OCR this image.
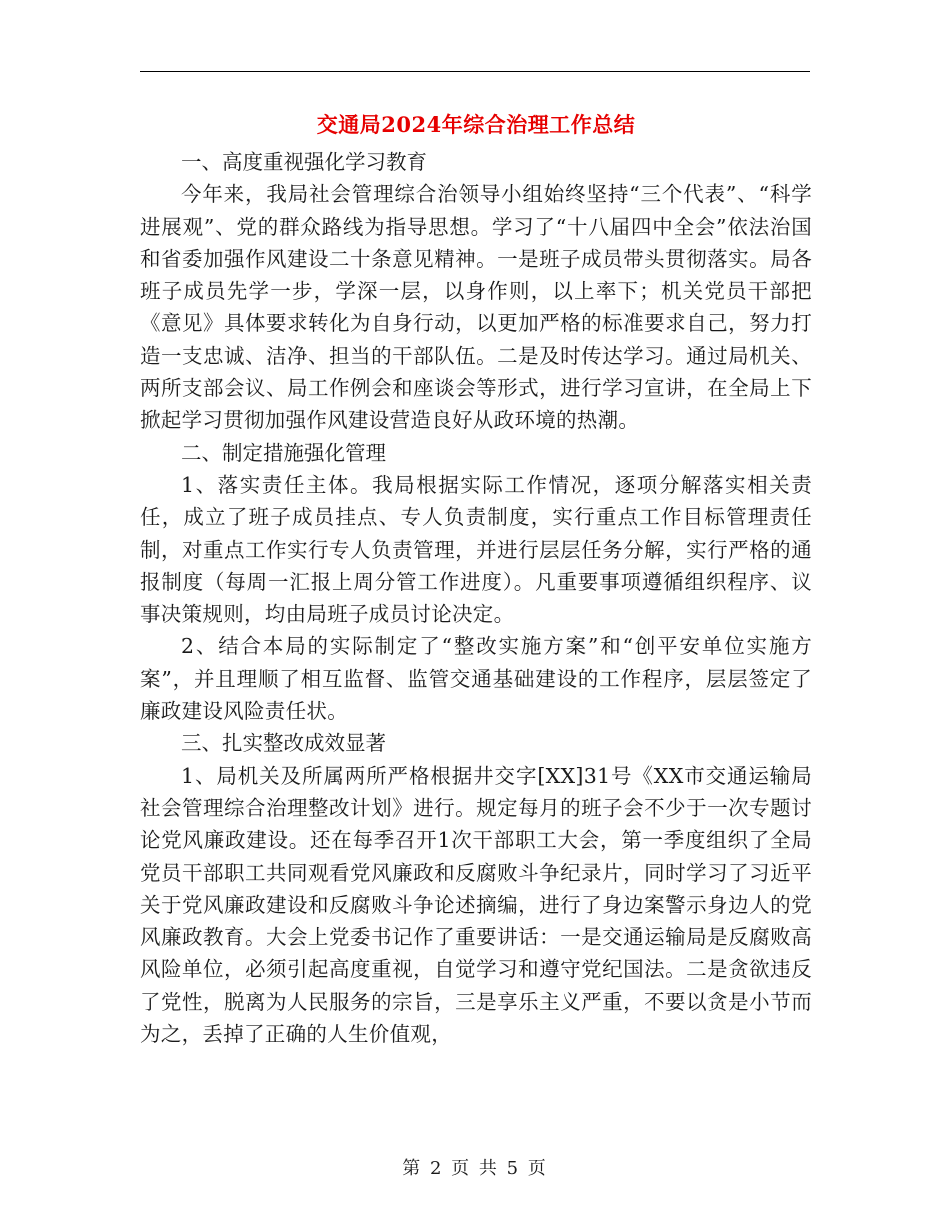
交通局2024年综合治理工作总结

一、高度重视强化学习教育

今年来，我局社会管理综合治领导小组始终坚持“三个代表”、“科学进展观”、党的群众路线为指导思想。学习了“十八届四中全会”依法治国和省委加强作风建设二十条意见精神。一是班子成员带头贯彻落实。局各班子成员先学一步，学深一层，以身作则，以上率下；机关党员干部把《意见》具体要求转化为自身行动，以更加严格的标准要求自己，努力打造一支忠诚、洁净、担当的干部队伍。二是及时传达学习。通过局机关、两所支部会议、局工作例会和座谈会等形式，进行学习宣讲，在全局上下掀起学习贯彻加强作风建设营造良好从政环境的热潮。

二、制定措施强化管理

1、落实责任主体。我局根据实际工作情况，逐项分解落实相关责任，成立了班子成员挂点、专人负责制度，实行重点工作目标管理责任制，对重点工作实行专人负责管理，并进行层层任务分解，实行严格的通报制度（每周一汇报上周分管工作进度）。凡重要事项遵循组织程序、议事决策规则，均由局班子成员讨论决定。

2、结合本局的实际制定了“整改实施方案”和“创平安单位实施方案”，并且理顺了相互监督、监管交通基础建设的工作程序，层层签定了廉政建设风险责任状。

三、扎实整改成效显著

1、局机关及所属两所严格根据井交字[XX]31号《XX市交通运输局社会管理综合治理整改计划》进行。规定每月的班子会不少于一次专题讨论党风廉政建设。还在每季召开1次干部职工大会，第一季度组织了全局党员干部职工共同观看党风廉政和反腐败斗争纪录片，同时学习了习近平关于党风廉政建设和反腐败斗争论述摘编，进行了身边案警示身边人的党风廉政教育。大会上党委书记作了重要讲话：一是交通运输局是反腐败高风险单位，必须引起高度重视，自觉学习和遵守党纪国法。二是贪欲违反了党性，脱离为人民服务的宗旨，三是享乐主义严重，不要以贪是小节而为之，丢掉了正确的人生价值观，

第 2 页 共 5 页
